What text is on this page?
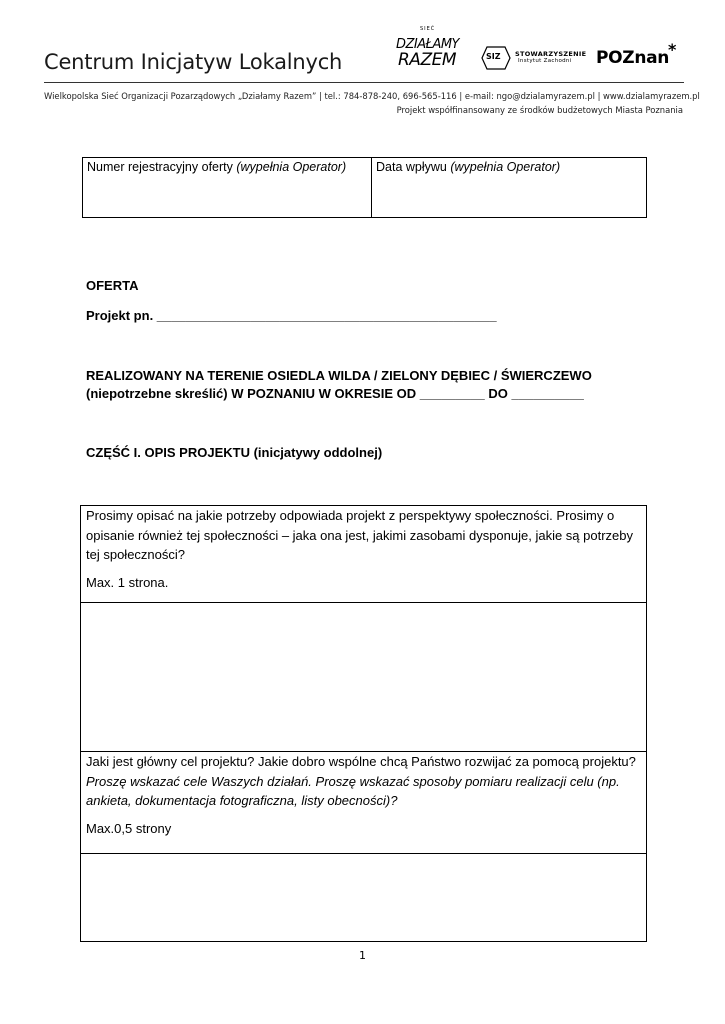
Centrum Inicjatyw Lokalnych
SIEĆ
DZIAŁAMY
RAZEM	SIZ STOWARZYSZENIE
Instytut Zachodni POZnan
*
Wielkopolska Sieć Organizacji Pozarządowych „Działamy Razem” | tel.: 784-878-240, 696-565-116 | e-mail: ngo@dzialamyrazem.pl | www.dzialamyrazem.pl
Projekt współfinansowany ze środków budżetowych Miasta Poznania
Numer rejestracyjny oferty (wypełnia Operator)	Data wpływu (wypełnia Operator)
OFERTA
Projekt pn. _______________________________________________
REALIZOWANY NA TERENIE OSIEDLA WILDA / ZIELONY DĘBIEC / ŚWIERCZEWO
(niepotrzebne skreślić) W POZNANIU W OKRESIE OD _________ DO __________
CZĘŚĆ I. OPIS PROJEKTU (inicjatywy oddolnej)

Prosimy opisać na jakie potrzeby odpowiada projekt z perspektywy społeczności. Prosimy o opisanie również tej społeczności – jaka ona jest, jakimi zasobami dysponuje, jakie są potrzeby tej społeczności?

Max. 1 strona.

Jaki jest główny cel projektu? Jakie dobro wspólne chcą Państwo rozwijać za pomocą projektu? Proszę wskazać cele Waszych działań. Proszę wskazać sposoby pomiaru realizacji celu (np. ankieta, dokumentacja fotograficzna, listy obecności)?

Max.0,5 strony

1
